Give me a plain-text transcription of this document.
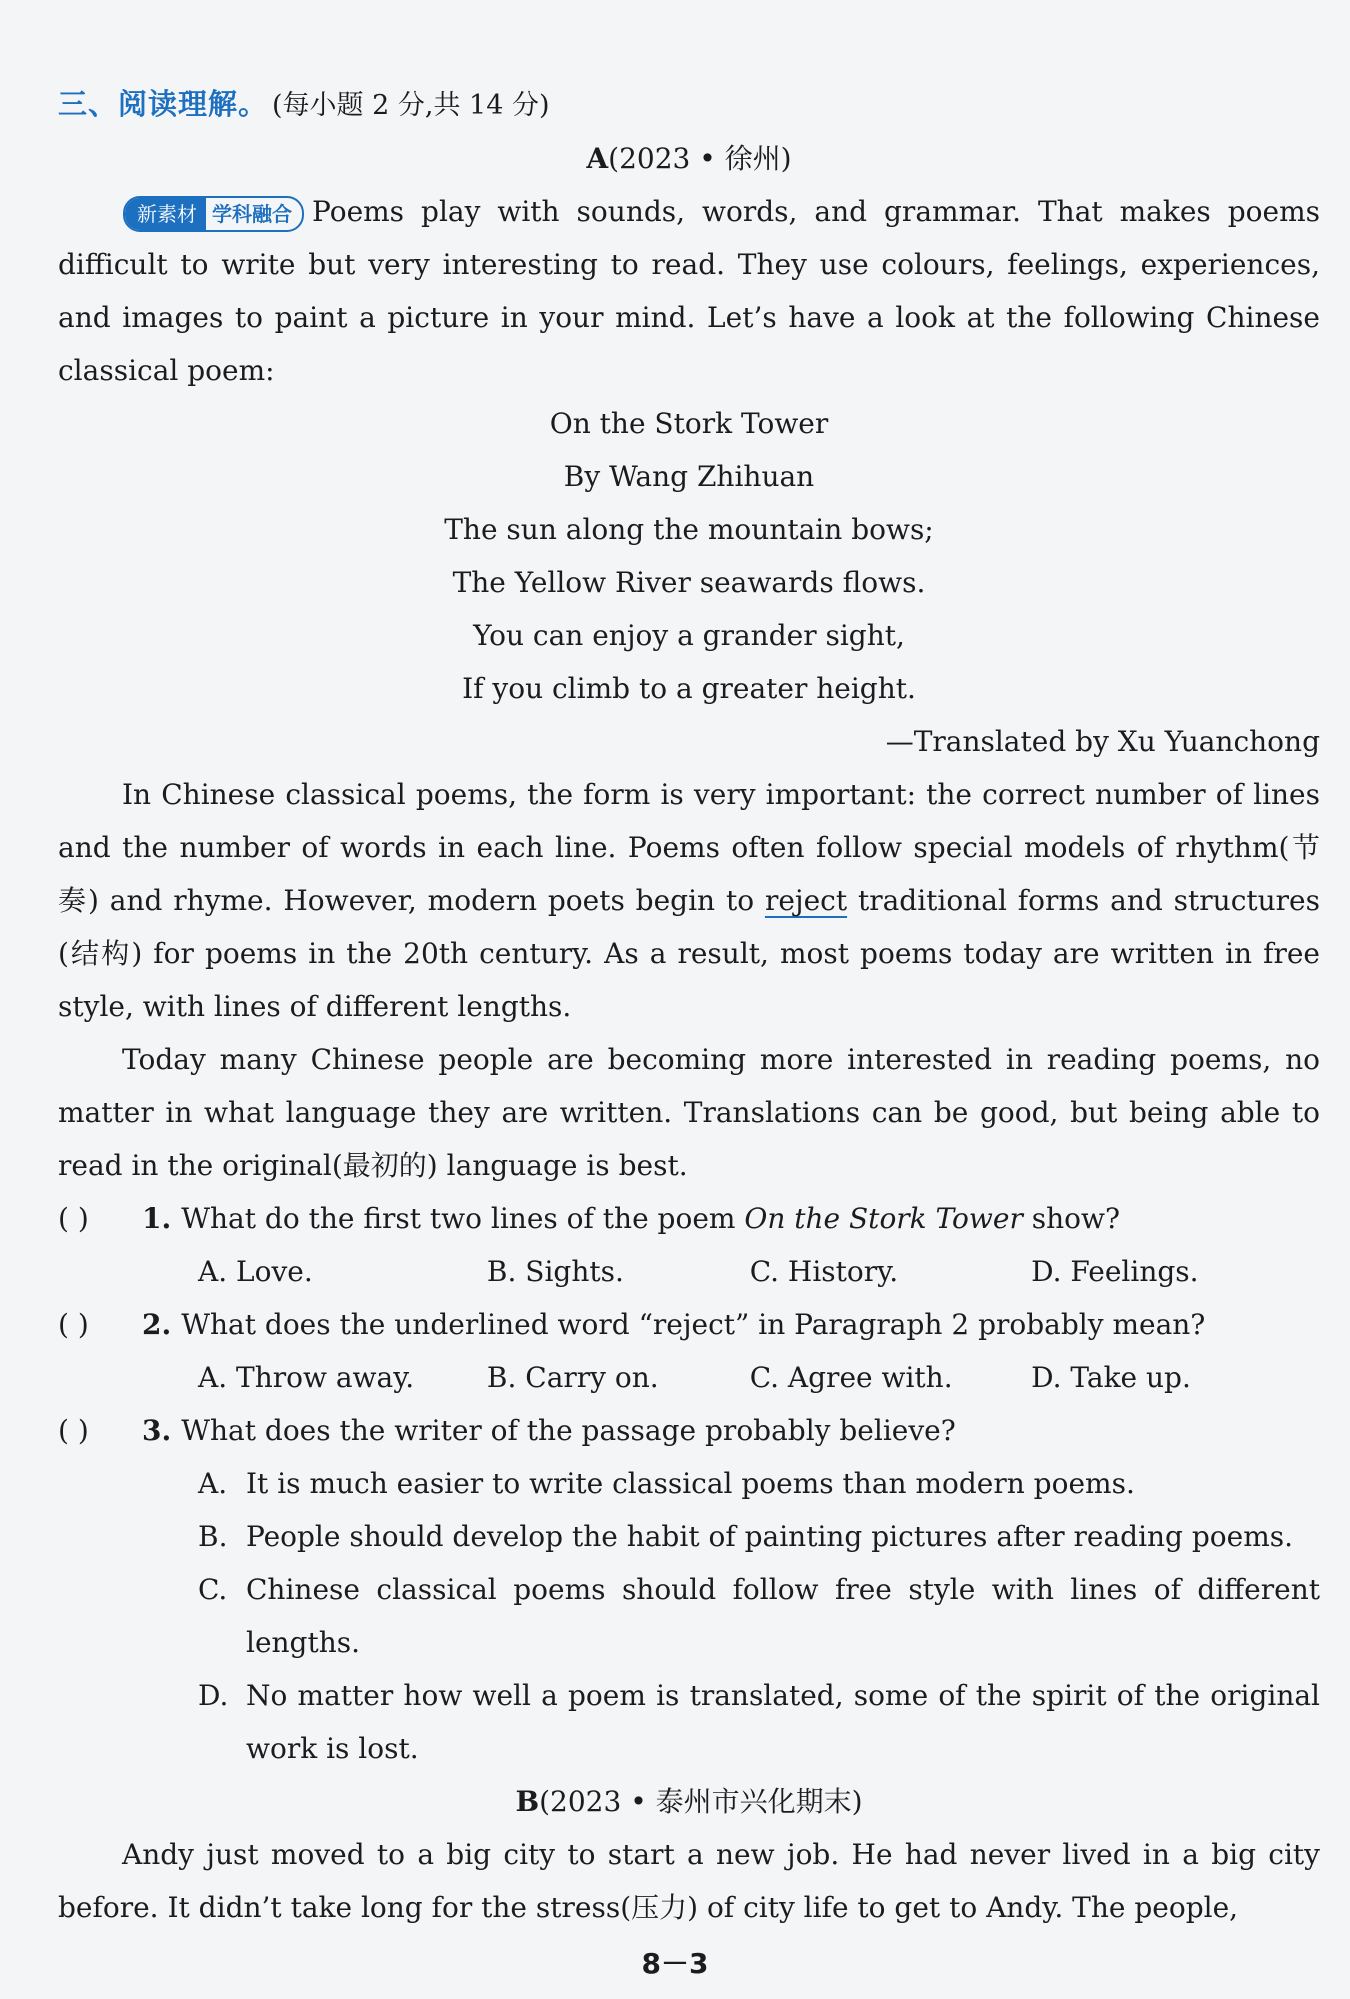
三、阅读理解。 (每小题 2 分,共 14 分)
A(2023 • 徐州)

新素材 学科融合 Poems play with sounds, words, and grammar. That makes poems difficult to write but very interesting to read. They use colours, feelings, experiences, and images to paint a picture in your mind. Let’s have a look at the following Chinese classical poem:

On the Stork Tower
By Wang Zhihuan
The sun along the mountain bows;
The Yellow River seawards flows.
You can enjoy a grander sight,
If you climb to a greater height.
—Translated by Xu Yuanchong

In Chinese classical poems, the form is very important: the correct number of lines and the number of words in each line. Poems often follow special models of rhythm(节奏) and rhyme. However, modern poets begin to reject traditional forms and structures (结构) for poems in the 20th century. As a result, most poems today are written in free style, with lines of different lengths.

Today many Chinese people are becoming more interested in reading poems, no matter in what language they are written. Translations can be good, but being able to read in the original(最初的) language is best.

( )	1. What do the first two lines of the poem On the Stork Tower show?
A. Love.	B. Sights.	C. History.	D. Feelings.
( )	2. What does the underlined word “reject” in Paragraph 2 probably mean?
A. Throw away.	B. Carry on.	C. Agree with.	D. Take up.
( )	3. What does the writer of the passage probably believe?
A. It is much easier to write classical poems than modern poems.
B. People should develop the habit of painting pictures after reading poems.
C. Chinese classical poems should follow free style with lines of different lengths.
D. No matter how well a poem is translated, some of the spirit of the original work is lost.
B(2023 • 泰州市兴化期末)

Andy just moved to a big city to start a new job. He had never lived in a big city before. It didn’t take long for the stress(压力) of city life to get to Andy. The people,

8－3
